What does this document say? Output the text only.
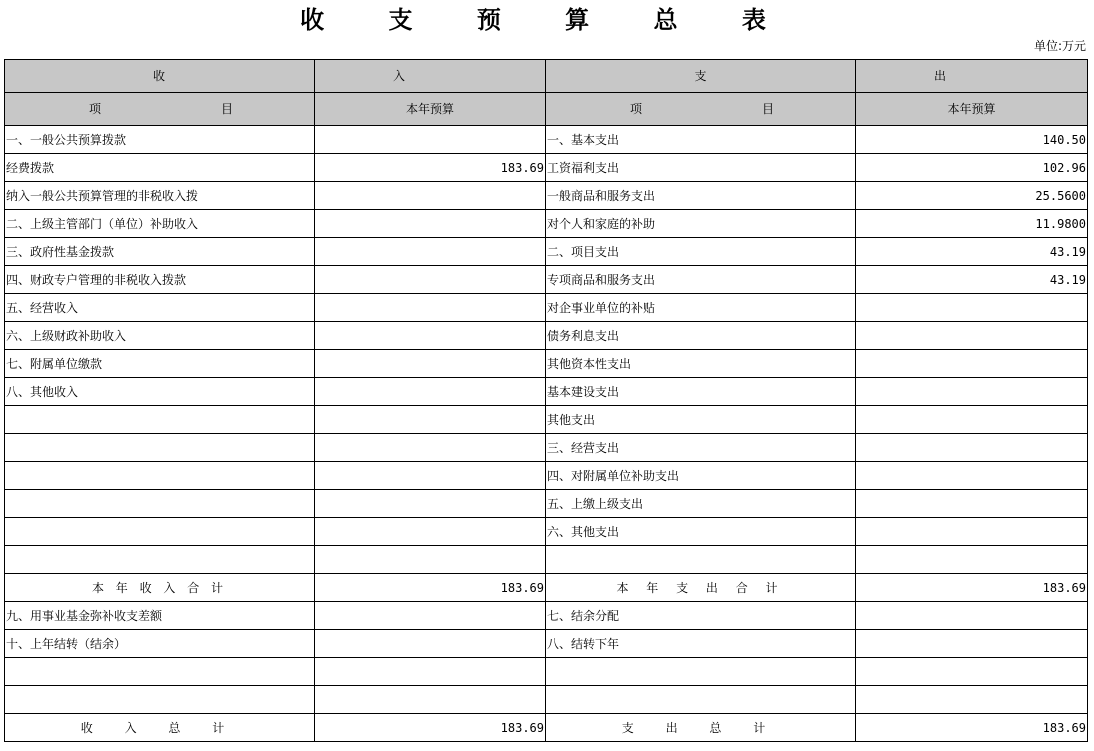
收 支 预 算 总 表
单位:万元
收	入	支	出
项 目	本年预算	项 目	本年预算
一、一般公共预算拨款		一、基本支出	140.50
经费拨款	183.69	工资福利支出	102.96
纳入一般公共预算管理的非税收入拨		一般商品和服务支出	25.5600
二、上级主管部门（单位）补助收入		对个人和家庭的补助	11.9800
三、政府性基金拨款		二、项目支出	43.19
四、财政专户管理的非税收入拨款		专项商品和服务支出	43.19
五、经营收入		对企事业单位的补贴	
六、上级财政补助收入		债务利息支出	
七、附属单位缴款		其他资本性支出	
八、其他收入		基本建设支出	
		其他支出	
		三、经营支出	
		四、对附属单位补助支出	
		五、上缴上级支出	
		六、其他支出	

本 年 收 入 合 计	183.69	本 年 支 出 合 计	183.69
九、用事业基金弥补收支差额		七、结余分配	
十、上年结转（结余）		八、结转下年	

收 入 总 计	183.69	支 出 总 计	183.69
